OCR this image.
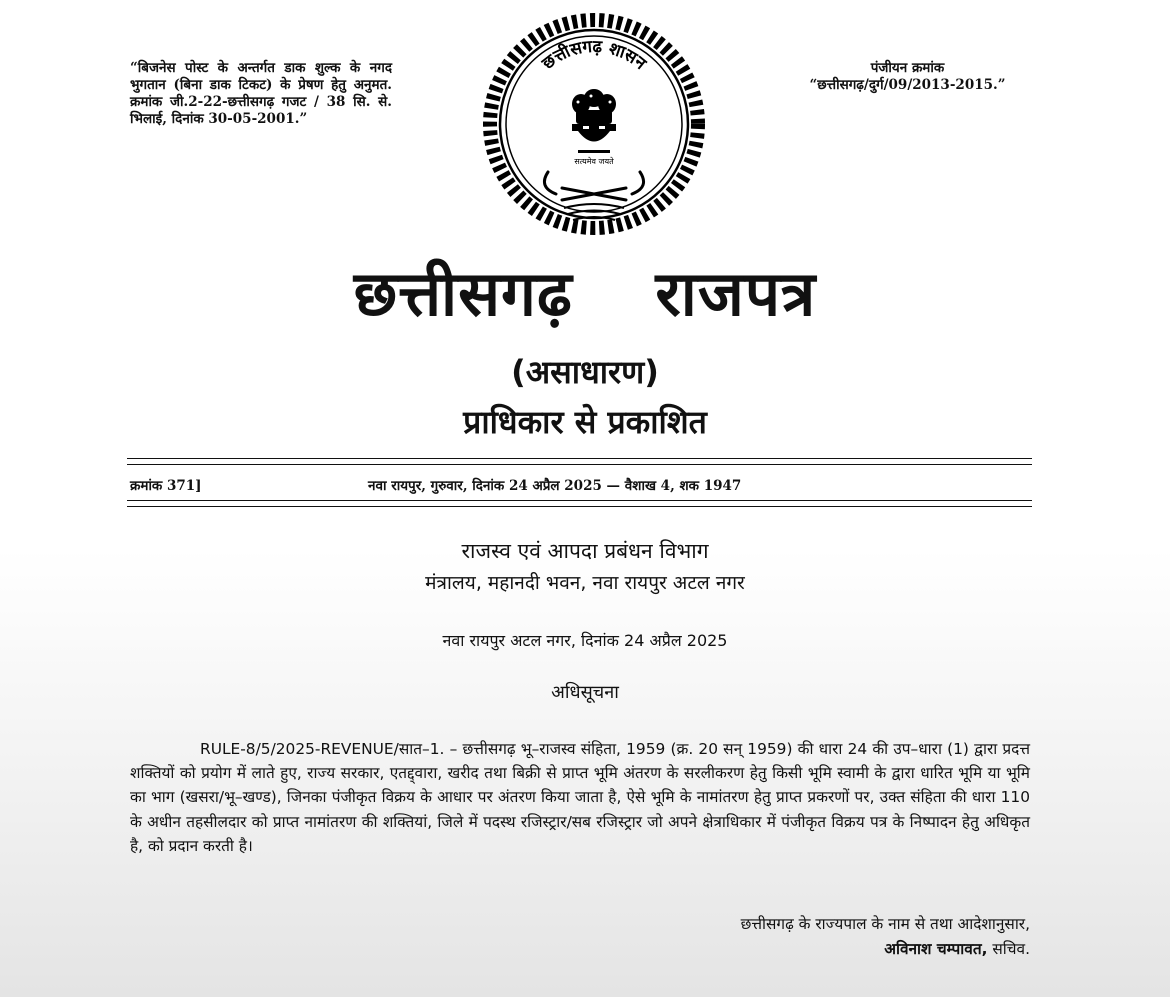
“बिजनेस पोस्ट के अन्तर्गत डाक शुल्क के नगद भुगतान (बिना डाक टिकट) के प्रेषण हेतु अनुमत. क्रमांक जी.2-22-छत्तीसगढ़ गजट / 38 सि. से. भिलाई, दिनांक 30-05-2001.”
पंजीयन क्रमांक
“छत्तीसगढ़/दुर्ग/09/2013-2015.”
छत्तीसगढ़ शासन
सत्यमेव जयते
छत्तीसगढ़ राजपत्र
(असाधारण)
प्राधिकार से प्रकाशित
क्रमांक 371]	नवा रायपुर, गुरुवार, दिनांक 24 अप्रैल 2025 — वैशाख 4, शक 1947
राजस्व एवं आपदा प्रबंधन विभाग
मंत्रालय, महानदी भवन, नवा रायपुर अटल नगर
नवा रायपुर अटल नगर, दिनांक 24 अप्रैल 2025
अधिसूचना
RULE-8/5/2025-REVENUE/सात–1. – छत्तीसगढ़ भू–राजस्व संहिता, 1959 (क्र. 20 सन् 1959) की धारा 24 की उप–धारा (1) द्वारा प्रदत्त शक्तियों को प्रयोग में लाते हुए, राज्य सरकार, एतद्द्वारा, खरीद तथा बिक्री से प्राप्त भूमि अंतरण के सरलीकरण हेतु किसी भूमि स्वामी के द्वारा धारित भूमि या भूमि का भाग (खसरा/भू–खण्ड), जिनका पंजीकृत विक्रय के आधार पर अंतरण किया जाता है, ऐसे भूमि के नामांतरण हेतु प्राप्त प्रकरणों पर, उक्त संहिता की धारा 110 के अधीन तहसीलदार को प्राप्त नामांतरण की शक्तियां, जिले में पदस्थ रजिस्ट्रार/सब रजिस्ट्रार जो अपने क्षेत्राधिकार में पंजीकृत विक्रय पत्र के निष्पादन हेतु अधिकृत है, को प्रदान करती है।
छत्तीसगढ़ के राज्यपाल के नाम से तथा आदेशानुसार,
अविनाश चम्पावत, सचिव.
